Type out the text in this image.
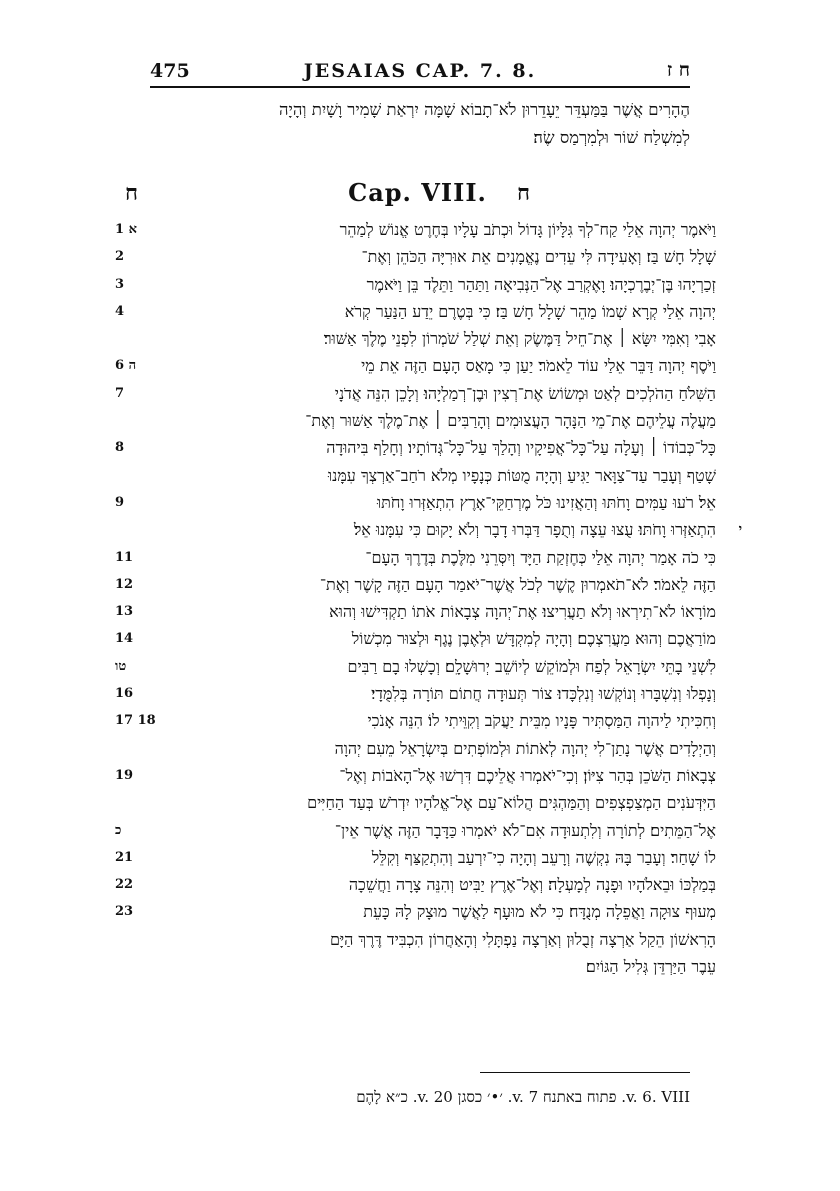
475	JESAIAS CAP. 7. 8.	ח ז
הֶהָרִים אֲשֶׁר בַּמַּעְדֵּר יֵעָדֵרוּן לֹא־תָבוֹא שָׁמָּה יִרְאַת שָׁמִיר וָשָׁיִת וְהָיָה
לְמִשְׁלַח שׁוֹר וּלְמִרְמַס שֶׂה׃
ח	Cap. VIII.	ח
1 א	וַיֹּאמֶר יְהוָה אֵלַי קַח־לְךָ גִּלָּיוֹן גָּדוֹל וּכְתֹב עָלָיו בְּחֶרֶט אֱנוֹשׁ לְמַהֵר
2	שָׁלָל חָשׁ בַּז׃ וְאָעִידָה לִּי עֵדִים נֶאֱמָנִים אֵת אוּרִיָּה הַכֹּהֵן וְאֶת־
3	זְכַרְיָהוּ בֶּן־יְבֶרֶכְיָהוּ׃ וָאֶקְרַב אֶל־הַנְּבִיאָה וַתַּהַר וַתֵּלֶד בֵּן וַיֹּאמֶר
4	יְהוָה אֵלַי קְרָא שְׁמוֹ מַהֵר שָׁלָל חָשׁ בַּז׃ כִּי בְּטֶרֶם יֵדַע הַנַּעַר קְרֹא
אָבִי וְאִמִּי יִשָּׂא ׀ אֶת־חֵיל דַּמֶּשֶׂק וְאֵת שְׁלַל שֹׁמְרוֹן לִפְנֵי מֶלֶךְ אַשּׁוּר׃
6 ה	וַיֹּסֶף יְהוָה דַּבֵּר אֵלַי עוֹד לֵאמֹר׃ יַעַן כִּי מָאַס הָעָם הַזֶּה אֵת מֵי
7	הַשִּׁלֹחַ הַהֹלְכִים לְאַט וּמְשׂוֹשׂ אֶת־רְצִין וּבֶן־רְמַלְיָהוּ׃ וְלָכֵן הִנֵּה אֲדֹנָי
מַעֲלֶה עֲלֵיהֶם אֶת־מֵי הַנָּהָר הָעֲצוּמִים וְהָרַבִּים ׀ אֶת־מֶלֶךְ אַשּׁוּר וְאֶת־
8	כָּל־כְּבוֹדוֹ ׀ וְעָלָה עַל־כָּל־אֲפִיקָיו וְהָלַךְ עַל־כָּל־גְּדוֹתָיו׃ וְחָלַף בִּיהוּדָה
שָׁטַף וְעָבַר עַד־צַוָּאר יַגִּיעַ וְהָיָה מֻטּוֹת כְּנָפָיו מְלֹא רֹחַב־אַרְצְךָ עִמָּנוּ
9	אֵל׃ רֹעוּ עַמִּים וָחֹתּוּ וְהַאֲזִינוּ כֹּל מֶרְחַקֵּי־אָרֶץ הִתְאַזְּרוּ וָחֹתּוּ
הִתְאַזְּרוּ וָחֹתּוּ׃ עֻצוּ עֵצָה וְתֻפָר דַּבְּרוּ דָבָר וְלֹא יָקוּם כִּי עִמָּנוּ אֵל׃ י
11	כִּי כֹה אָמַר יְהוָה אֵלַי כְּחֶזְקַת הַיָּד וְיִסְּרֵנִי מִלֶּכֶת בְּדֶרֶךְ הָעָם־
12	הַזֶּה לֵאמֹר׃ לֹא־תֹאמְרוּן קֶשֶׁר לְכֹל אֲשֶׁר־יֹאמַר הָעָם הַזֶּה קָשֶׁר וְאֶת־
13	מוֹרָאוֹ לֹא־תִירְאוּ וְלֹא תַעֲרִיצוּ׃ אֶת־יְהוָה צְבָאוֹת אֹתוֹ תַקְדִּישׁוּ וְהוּא
14	מוֹרַאֲכֶם וְהוּא מַעֲרִצְכֶם׃ וְהָיָה לְמִקְדָּשׁ וּלְאֶבֶן נֶגֶף וּלְצוּר מִכְשׁוֹל
טו	לִשְׁנֵי בָתֵּי יִשְׂרָאֵל לְפַח וּלְמוֹקֵשׁ לְיוֹשֵׁב יְרוּשָׁלִָם׃ וְכָשְׁלוּ בָם רַבִּים
16	וְנָפְלוּ וְנִשְׁבָּרוּ וְנוֹקְשׁוּ וְנִלְכָּדוּ׃ צוֹר תְּעוּדָה חֲתוֹם תּוֹרָה בְּלִמֻּדָי׃
17 18	וְחִכִּיתִי לַיהוָה הַמַּסְתִּיר פָּנָיו מִבֵּית יַעֲקֹב וְקִוֵּיתִי לוֹ׃ הִנֵּה אָנֹכִי
וְהַיְלָדִים אֲשֶׁר נָתַן־לִי יְהוָה לְאֹתוֹת וּלְמוֹפְתִים בְּיִשְׂרָאֵל מֵעִם יְהוָה
19	צְבָאוֹת הַשֹּׁכֵן בְּהַר צִיּוֹן׃ וְכִי־יֹאמְרוּ אֲלֵיכֶם דִּרְשׁוּ אֶל־הָאֹבוֹת וְאֶל־
הַיִּדְּעֹנִים הַמְצַפְצְפִים וְהַמַּהְגִּים הֲלוֹא־עַם אֶל־אֱלֹהָיו יִדְרֹשׁ בְּעַד הַחַיִּים
כ	אֶל־הַמֵּתִים׃ לְתוֹרָה וְלִתְעוּדָה אִם־לֹא יֹאמְרוּ כַּדָּבָר הַזֶּה אֲשֶׁר אֵין־
21	לוֹ שָׁחַר׃ וְעָבַר בָּהּ נִקְשֶׁה וְרָעֵב וְהָיָה כִי־יִרְעַב וְהִתְקַצַּף וְקִלֵּל
22	בְּמַלְכּוֹ וּבֵאלֹהָיו וּפָנָה לְמָעְלָה׃ וְאֶל־אֶרֶץ יַבִּיט וְהִנֵּה צָרָה וַחֲשֵׁכָה
23	מְעוּף צוּקָה וַאֲפֵלָה מְנֻדָּח׃ כִּי לֹא מוּעָף לַאֲשֶׁר מוּצָק לָהּ כָּעֵת
הָרִאשׁוֹן הֵקַל אַרְצָה זְבֻלוּן וְאַרְצָה נַפְתָּלִי וְהָאַחֲרוֹן הִכְבִּיד דֶּרֶךְ הַיָּם
עֵבֶר הַיַּרְדֵּן גְּלִיל הַגּוֹיִם׃
v. 6. VIII. פתוח באתנח v. 7. ׳•׳ כסגן v. 20. כ״א לָהֶם
